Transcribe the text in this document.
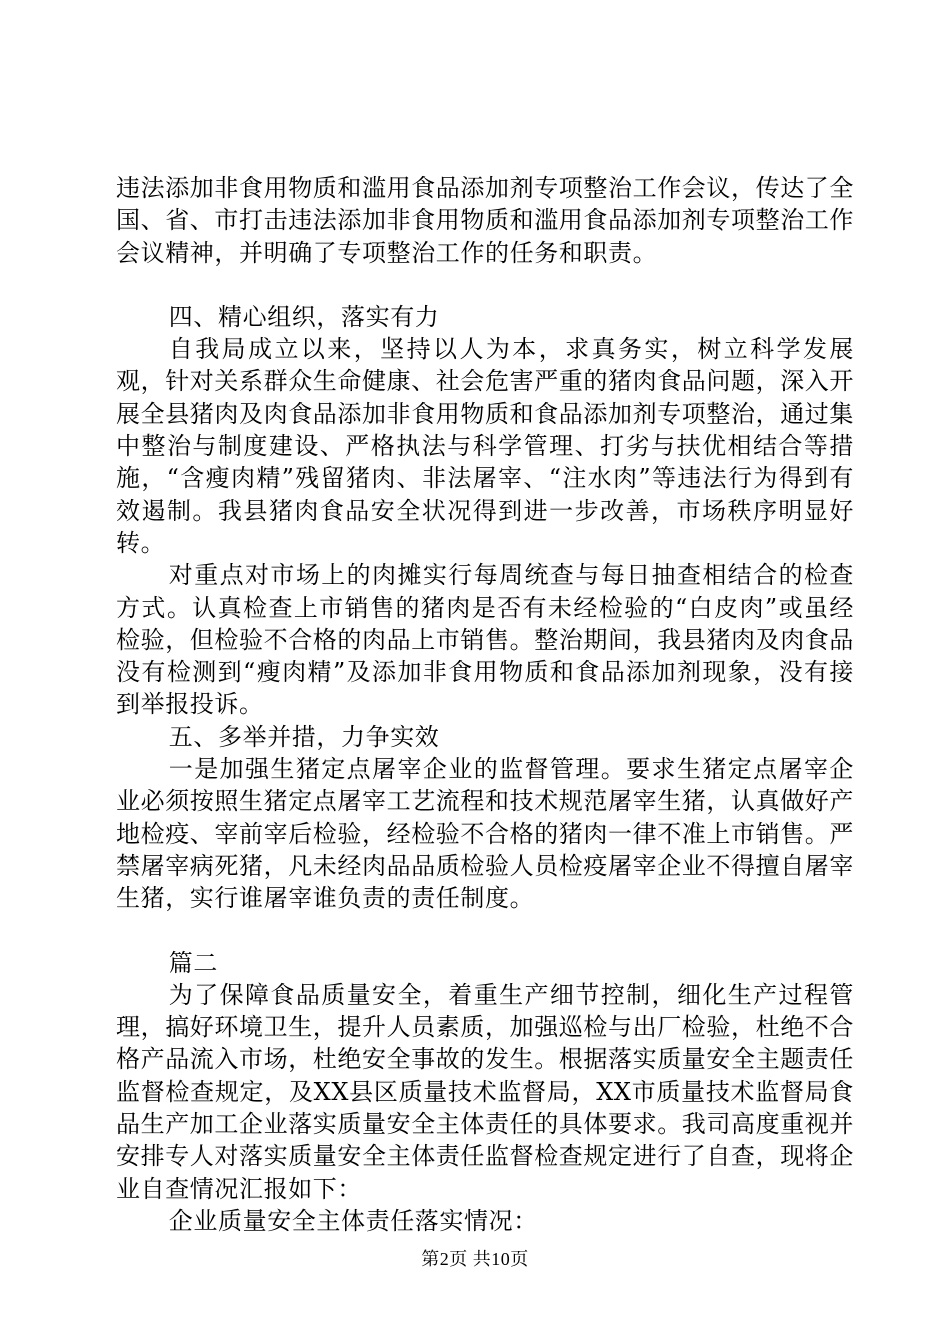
违法添加非食用物质和滥用食品添加剂专项整治工作会议，传达了全国、省、市打击违法添加非食用物质和滥用食品添加剂专项整治工作会议精神，并明确了专项整治工作的任务和职责。

四、精心组织，落实有力

自我局成立以来，坚持以人为本，求真务实，树立科学发展观，针对关系群众生命健康、社会危害严重的猪肉食品问题，深入开展全县猪肉及肉食品添加非食用物质和食品添加剂专项整治，通过集中整治与制度建设、严格执法与科学管理、打劣与扶优相结合等措施，“含瘦肉精”残留猪肉、非法屠宰、“注水肉”等违法行为得到有效遏制。我县猪肉食品安全状况得到进一步改善，市场秩序明显好转。

对重点对市场上的肉摊实行每周统查与每日抽查相结合的检查方式。认真检查上市销售的猪肉是否有未经检验的“白皮肉”或虽经检验，但检验不合格的肉品上市销售。整治期间，我县猪肉及肉食品没有检测到“瘦肉精”及添加非食用物质和食品添加剂现象，没有接到举报投诉。

五、多举并措，力争实效

一是加强生猪定点屠宰企业的监督管理。要求生猪定点屠宰企业必须按照生猪定点屠宰工艺流程和技术规范屠宰生猪，认真做好产地检疫、宰前宰后检验，经检验不合格的猪肉一律不准上市销售。严禁屠宰病死猪，凡未经肉品品质检验人员检疫屠宰企业不得擅自屠宰生猪，实行谁屠宰谁负责的责任制度。

篇二

为了保障食品质量安全，着重生产细节控制，细化生产过程管理，搞好环境卫生，提升人员素质，加强巡检与出厂检验，杜绝不合格产品流入市场，杜绝安全事故的发生。根据落实质量安全主题责任监督检查规定，及XX县区质量技术监督局，XX市质量技术监督局食品生产加工企业落实质量安全主体责任的具体要求。我司高度重视并安排专人对落实质量安全主体责任监督检查规定进行了自查，现将企业自查情况汇报如下：

企业质量安全主体责任落实情况：

第2页 共10页
